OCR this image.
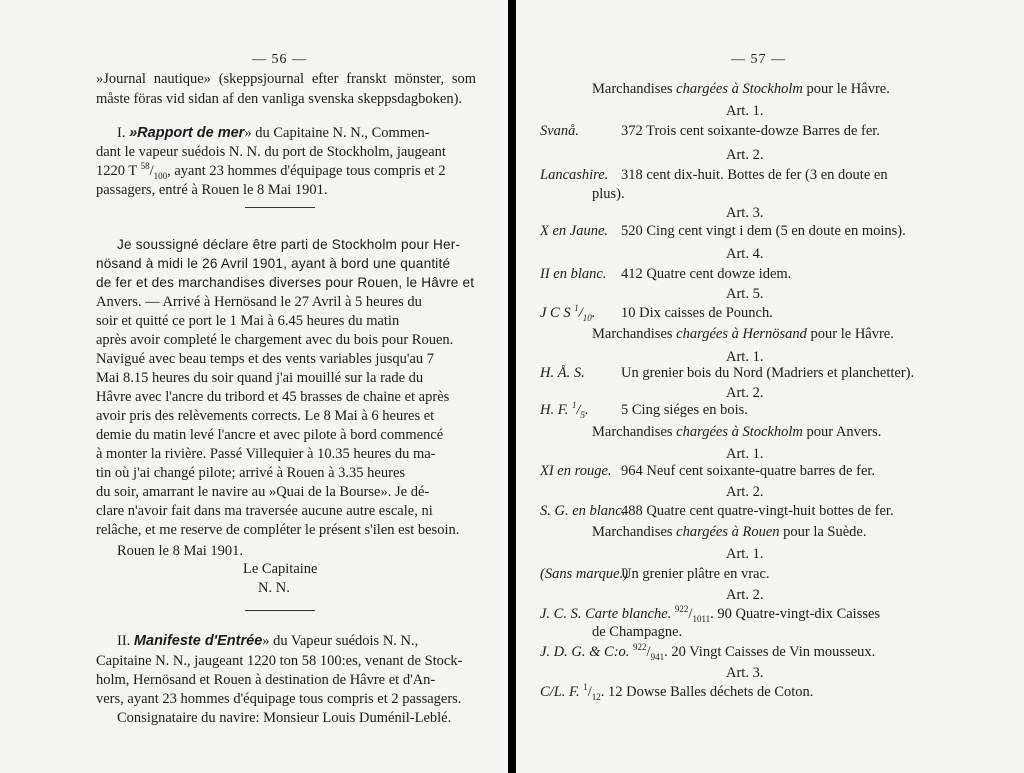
— 56 —

»Journal nautique» (skeppsjournal efter franskt mönster, som

måste föras vid sidan af den vanliga svenska skeppsdagboken).

I. »Rapport de mer» du Capitaine N. N., Commen-

dant le vapeur suédois N. N. du port de Stockholm, jaugeant

1220 T $^{58}/_{100}$, ayant 23 hommes d'équipage tous compris et 2

passagers, entré à Rouen le 8 Mai 1901.

Je soussigné déclare être parti de Stockholm pour Her-

nösand à midi le 26 Avril 1901, ayant à bord une quantité

de fer et des marchandises diverses pour Rouen, le Hâvre et

Anvers. — Arrivé à Hernösand le 27 Avril à 5 heures du

soir et quitté ce port le 1 Mai à 6.45 heures du matin

après avoir completé le chargement avec du bois pour Rouen.

Navigué avec beau temps et des vents variables jusqu'au 7

Mai 8.15 heures du soir quand j'ai mouillé sur la rade du

Hâvre avec l'ancre du tribord et 45 brasses de chaine et après

avoir pris des relèvements corrects. Le 8 Mai à 6 heures et

demie du matin levé l'ancre et avec pilote à bord commencé

à monter la rivière. Passé Villequier à 10.35 heures du ma-

tin où j'ai changé pilote; arrivé à Rouen à 3.35 heures

du soir, amarrant le navire au »Quai de la Bourse». Je dé-

clare n'avoir fait dans ma traversée aucune autre escale, ni

relâche, et me reserve de compléter le présent s'ilen est besoin.

Rouen le 8 Mai 1901.

Le Capitaine

N. N.

II. Manifeste d'Entrée» du Vapeur suédois N. N.,

Capitaine N. N., jaugeant 1220 ton 58 100:es, venant de Stock-

holm, Hernösand et Rouen à destination de Hâvre et d'An-

vers, ayant 23 hommes d'équipage tous compris et 2 passagers.

Consignataire du navire: Monsieur Louis Duménil-Leblé.

— 57 —

Marchandises chargées à Stockholm pour le Hâvre.

Art. 1.

Svanå.	372 Trois cent soixante-dowze Barres de fer.

Art. 2.

Lancashire. 318 cent dix-huit. Bottes de fer (3 en doute en

plus).

Art. 3.

X en Jaune. 520 Cing cent vingt i dem (5 en doute en moins).

Art. 4.

II en blanc. 412 Quatre cent dowze idem.

Art. 5.

J C S $^1/_{10}$. 10 Dix caisses de Pounch.

Marchandises chargées à Hernösand pour le Hâvre.

Art. 1.

H. Å. S.	Un grenier bois du Nord (Madriers et planchetter).

Art. 2.

H. F. $^1/_5$. 5 Cing siéges en bois.

Marchandises chargées à Stockholm pour Anvers.

Art. 1.

XI en rouge. 964 Neuf cent soixante-quatre barres de fer.

Art. 2.

S. G. en blanc.
488 Quatre cent quatre-vingt-huit bottes de fer.

Marchandises chargées à Rouen pour la Suède.

Art. 1.

(Sans marque.)
Un grenier plâtre en vrac.

Art. 2.

J. C. S. Carte blanche. $^{922}/_{1011}$. 90 Quatre-vingt-dix Caisses

de Champagne.

J. D. G. & C:o. $^{922}/_{941}$. 20 Vingt Caisses de Vin mousseux.

Art. 3.

C/L. F. $^1/_{12}$. 12 Dowse Balles déchets de Coton.
